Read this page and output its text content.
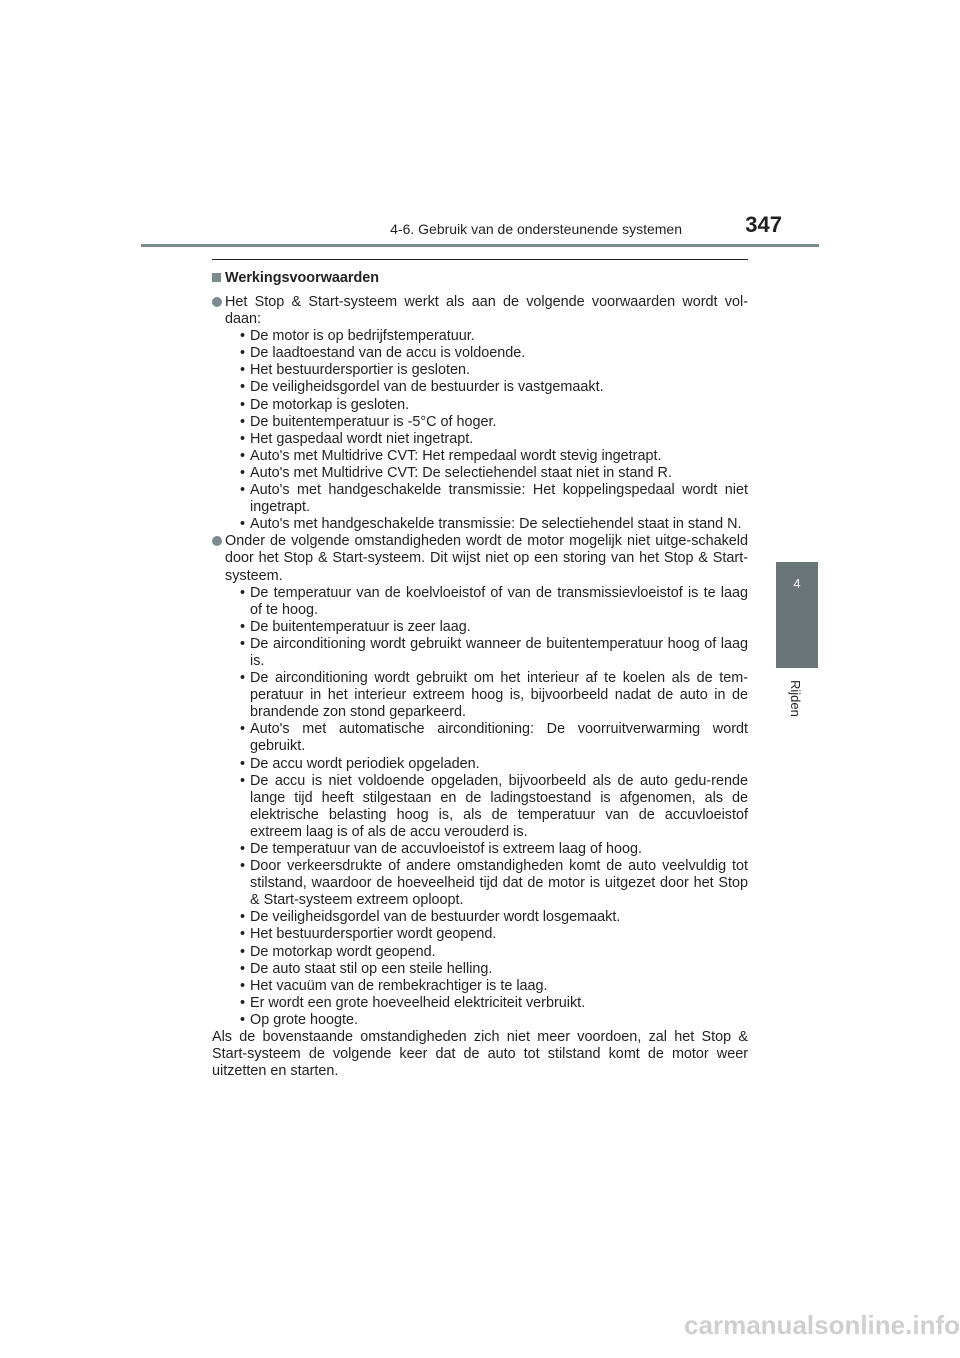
4-6. Gebruik van de ondersteunende systemen	347
4
Rijden
Werkingsvoorwaarden
Het Stop & Start-systeem werkt als aan de volgende voorwaarden wordt vol-daan:
• De motor is op bedrijfstemperatuur.
• De laadtoestand van de accu is voldoende.
• Het bestuurdersportier is gesloten.
• De veiligheidsgordel van de bestuurder is vastgemaakt.
• De motorkap is gesloten.
• De buitentemperatuur is -5°C of hoger.
• Het gaspedaal wordt niet ingetrapt.
• Auto's met Multidrive CVT: Het rempedaal wordt stevig ingetrapt.
• Auto's met Multidrive CVT: De selectiehendel staat niet in stand R.
• Auto's met handgeschakelde transmissie: Het koppelingspedaal wordt niet ingetrapt.
• Auto's met handgeschakelde transmissie: De selectiehendel staat in stand N.
Onder de volgende omstandigheden wordt de motor mogelijk niet uitge-schakeld door het Stop & Start-systeem. Dit wijst niet op een storing van het Stop & Start-systeem.
• De temperatuur van de koelvloeistof of van de transmissievloeistof is te laag of te hoog.
• De buitentemperatuur is zeer laag.
• De airconditioning wordt gebruikt wanneer de buitentemperatuur hoog of laag is.
• De airconditioning wordt gebruikt om het interieur af te koelen als de tem-peratuur in het interieur extreem hoog is, bijvoorbeeld nadat de auto in de brandende zon stond geparkeerd.
• Auto's met automatische airconditioning: De voorruitverwarming wordt gebruikt.
• De accu wordt periodiek opgeladen.
• De accu is niet voldoende opgeladen, bijvoorbeeld als de auto gedu-rende lange tijd heeft stilgestaan en de ladingstoestand is afgenomen, als de elektrische belasting hoog is, als de temperatuur van de accuvloeistof extreem laag is of als de accu verouderd is.
• De temperatuur van de accuvloeistof is extreem laag of hoog.
• Door verkeersdrukte of andere omstandigheden komt de auto veelvuldig tot stilstand, waardoor de hoeveelheid tijd dat de motor is uitgezet door het Stop & Start-systeem extreem oploopt.
• De veiligheidsgordel van de bestuurder wordt losgemaakt.
• Het bestuurdersportier wordt geopend.
• De motorkap wordt geopend.
• De auto staat stil op een steile helling.
• Het vacuüm van de rembekrachtiger is te laag.
• Er wordt een grote hoeveelheid elektriciteit verbruikt.
• Op grote hoogte.
Als de bovenstaande omstandigheden zich niet meer voordoen, zal het Stop & Start-systeem de volgende keer dat de auto tot stilstand komt de motor weer uitzetten en starten.
carmanualsonline.info
